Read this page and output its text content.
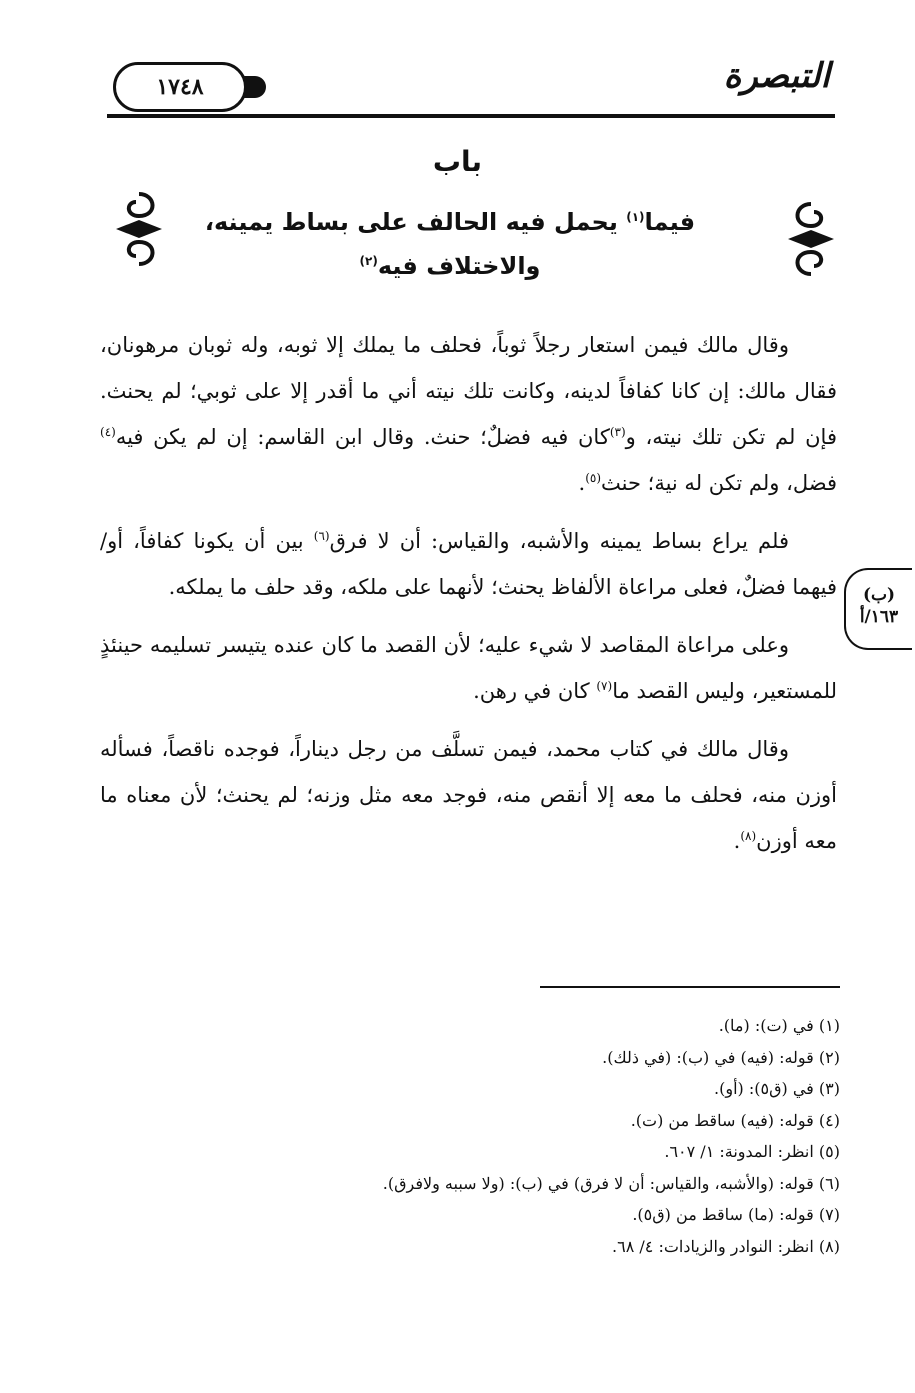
١٧٤٨	التبصرة
باب
فيما$^{(١)}$ يحمل فيه الحالف على بساط يمينه،
والاختلاف فيه$^{(٢)}$

وقال مالك فيمن استعار رجلاً ثوباً، فحلف ما يملك إلا ثوبه، وله ثوبان مرهونان، فقال مالك: إن كانا كفافاً لدينه، وكانت تلك نيته أني ما أقدر إلا على ثوبي؛ لم يحنث. فإن لم تكن تلك نيته، و$^{(٣)}$كان فيه فضلٌ؛ حنث. وقال ابن القاسم: إن لم يكن فيه$^{(٤)}$ فضل، ولم تكن له نية؛ حنث$^{(٥)}$.

فلم يراع بساط يمينه والأشبه، والقياس: أن لا فرق$^{(٦)}$ بين أن يكونا كفافاً، أو/ فيهما فضلٌ، فعلى مراعاة الألفاظ يحنث؛ لأنهما على ملكه، وقد حلف ما يملكه.

وعلى مراعاة المقاصد لا شيء عليه؛ لأن القصد ما كان عنده يتيسر تسليمه حينئذٍ للمستعير، وليس القصد ما$^{(٧)}$ كان في رهن.

وقال مالك في كتاب محمد، فيمن تسلَّف من رجل ديناراً، فوجده ناقصاً، فسأله أوزن منه، فحلف ما معه إلا أنقص منه، فوجد معه مثل وزنه؛ لم يحنث؛ لأن معناه ما معه أوزن$^{(٨)}$.

(ب)
١٦٣/أ
(١) في (ت): (ما).
(٢) قوله: (فيه) في (ب): (في ذلك).
(٣) في (ق٥): (أو).
(٤) قوله: (فيه) ساقط من (ت).
(٥) انظر: المدونة: ١/ ٦٠٧.
(٦) قوله: (والأشبه، والقياس: أن لا فرق) في (ب): (ولا سببه ولافرق).
(٧) قوله: (ما) ساقط من (ق٥).
(٨) انظر: النوادر والزيادات: ٤/ ٦٨.
